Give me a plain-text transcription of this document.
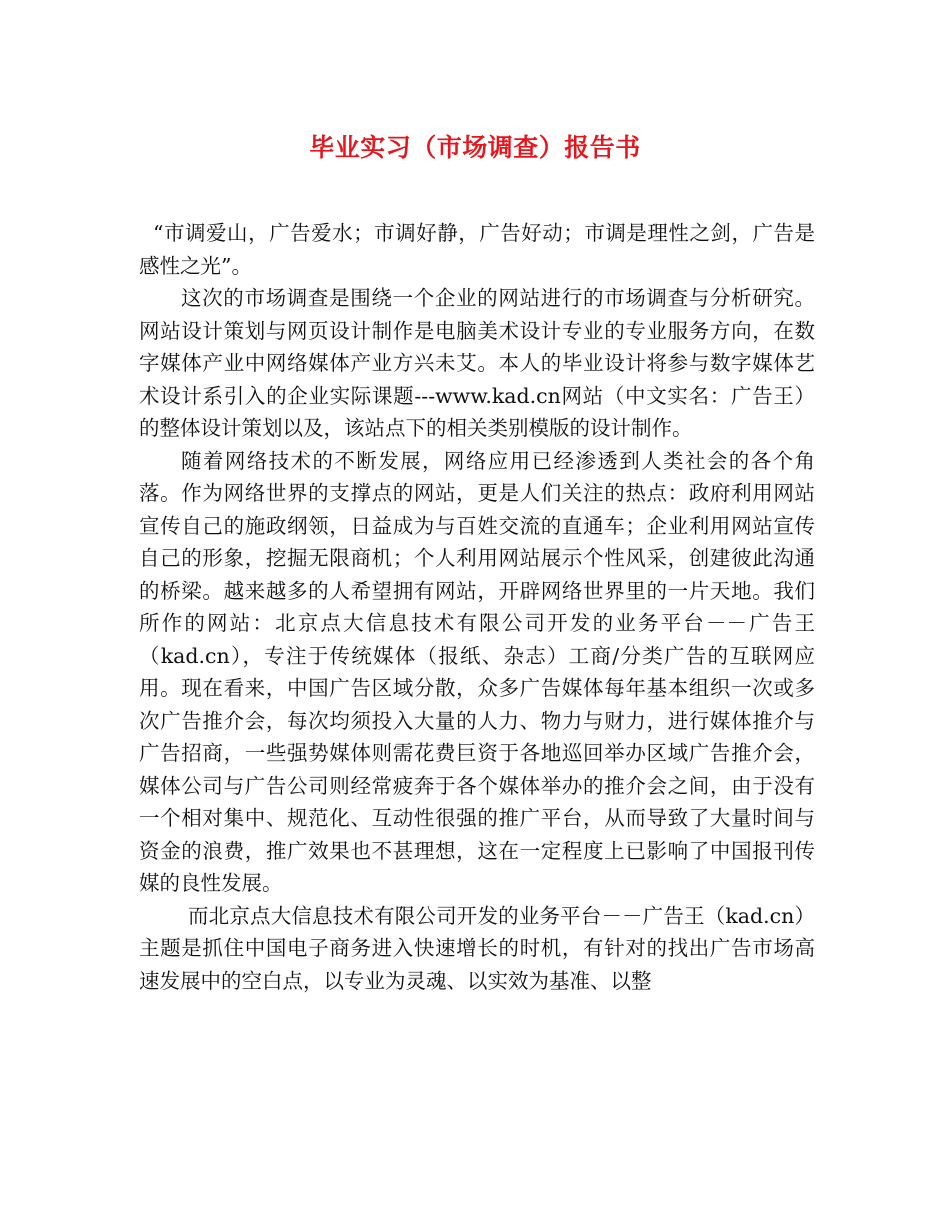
毕业实习（市场调查）报告书

“市调爱山，广告爱水；市调好静，广告好动；市调是理性之剑，广告是感性之光”。

这次的市场调查是围绕一个企业的网站进行的市场调查与分析研究。网站设计策划与网页设计制作是电脑美术设计专业的专业服务方向，在数字媒体产业中网络媒体产业方兴未艾。本人的毕业设计将参与数字媒体艺术设计系引入的企业实际课题---www.kad.cn网站（中文实名：广告王）的整体设计策划以及，该站点下的相关类别模版的设计制作。

随着网络技术的不断发展，网络应用已经渗透到人类社会的各个角落。作为网络世界的支撑点的网站，更是人们关注的热点：政府利用网站宣传自己的施政纲领，日益成为与百姓交流的直通车；企业利用网站宣传自己的形象，挖掘无限商机；个人利用网站展示个性风采，创建彼此沟通的桥梁。越来越多的人希望拥有网站，开辟网络世界里的一片天地。我们所作的网站：北京点大信息技术有限公司开发的业务平台－－广告王（kad.cn），专注于传统媒体（报纸、杂志）工商/分类广告的互联网应用。现在看来，中国广告区域分散，众多广告媒体每年基本组织一次或多次广告推介会，每次均须投入大量的人力、物力与财力，进行媒体推介与广告招商，一些强势媒体则需花费巨资于各地巡回举办区域广告推介会，媒体公司与广告公司则经常疲奔于各个媒体举办的推介会之间，由于没有一个相对集中、规范化、互动性很强的推广平台，从而导致了大量时间与资金的浪费，推广效果也不甚理想，这在一定程度上已影响了中国报刊传媒的良性发展。

而北京点大信息技术有限公司开发的业务平台－－广告王（kad.cn）主题是抓住中国电子商务进入快速增长的时机，有针对的找出广告市场高速发展中的空白点，以专业为灵魂、以实效为基准、以整
